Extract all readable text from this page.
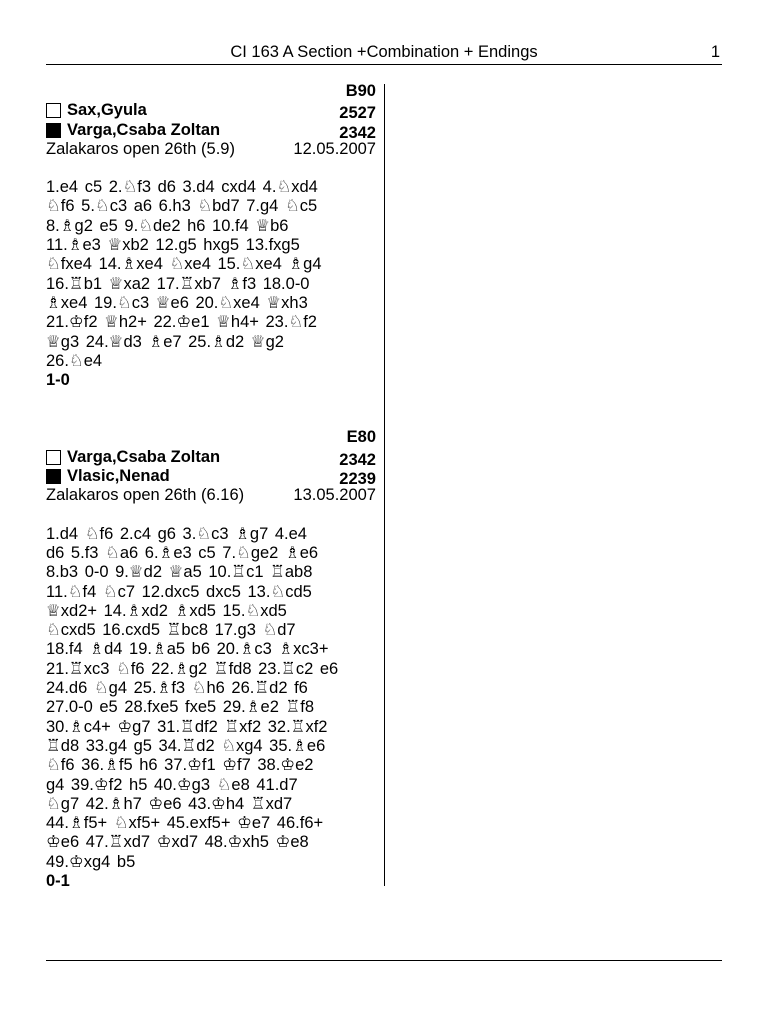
CI 163 A Section +Combination + Endings	1
B90
Sax,Gyula	2527
Varga,Csaba Zoltan	2342
Zalakaros open 26th (5.9)	12.05.2007
1.e4 c5 2.♘f3 d6 3.d4 cxd4 4.♘xd4
♘f6 5.♘c3 a6 6.h3 ♘bd7 7.g4 ♘c5
8.♗g2 e5 9.♘de2 h6 10.f4 ♕b6
11.♗e3 ♕xb2 12.g5 hxg5 13.fxg5
♘fxe4 14.♗xe4 ♘xe4 15.♘xe4 ♗g4
16.♖b1 ♕xa2 17.♖xb7 ♗f3 18.0-0
♗xe4 19.♘c3 ♕e6 20.♘xe4 ♕xh3
21.♔f2 ♕h2+ 22.♔e1 ♕h4+ 23.♘f2
♕g3 24.♕d3 ♗e7 25.♗d2 ♕g2
26.♘e4
1-0
E80
Varga,Csaba Zoltan	2342
Vlasic,Nenad	2239
Zalakaros open 26th (6.16)	13.05.2007
1.d4 ♘f6 2.c4 g6 3.♘c3 ♗g7 4.e4
d6 5.f3 ♘a6 6.♗e3 c5 7.♘ge2 ♗e6
8.b3 0-0 9.♕d2 ♕a5 10.♖c1 ♖ab8
11.♘f4 ♘c7 12.dxc5 dxc5 13.♘cd5
♕xd2+ 14.♗xd2 ♗xd5 15.♘xd5
♘cxd5 16.cxd5 ♖bc8 17.g3 ♘d7
18.f4 ♗d4 19.♗a5 b6 20.♗c3 ♗xc3+
21.♖xc3 ♘f6 22.♗g2 ♖fd8 23.♖c2 e6
24.d6 ♘g4 25.♗f3 ♘h6 26.♖d2 f6
27.0-0 e5 28.fxe5 fxe5 29.♗e2 ♖f8
30.♗c4+ ♔g7 31.♖df2 ♖xf2 32.♖xf2
♖d8 33.g4 g5 34.♖d2 ♘xg4 35.♗e6
♘f6 36.♗f5 h6 37.♔f1 ♔f7 38.♔e2
g4 39.♔f2 h5 40.♔g3 ♘e8 41.d7
♘g7 42.♗h7 ♔e6 43.♔h4 ♖xd7
44.♗f5+ ♘xf5+ 45.exf5+ ♔e7 46.f6+
♔e6 47.♖xd7 ♔xd7 48.♔xh5 ♔e8
49.♔xg4 b5
0-1
